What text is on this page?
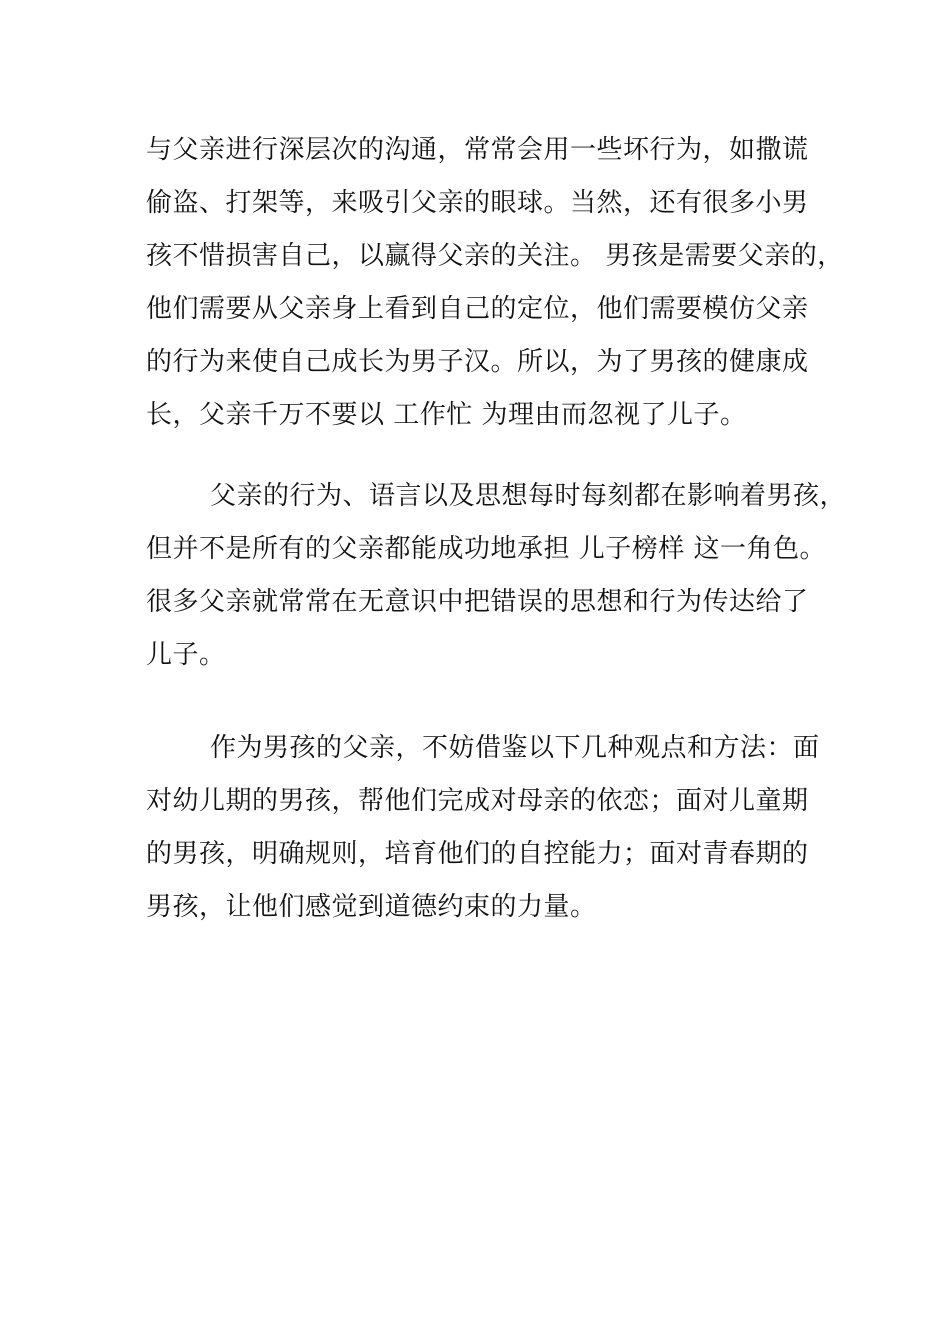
与父亲进行深层次的沟通，常常会用一些坏行为，如撒谎
偷盗、打架等，来吸引父亲的眼球。当然，还有很多小男
孩不惜损害自己，以赢得父亲的关注。 男孩是需要父亲的，
他们需要从父亲身上看到自己的定位，他们需要模仿父亲
的行为来使自己成长为男子汉。所以，为了男孩的健康成
长，父亲千万不要以 工作忙 为理由而忽视了儿子。
父亲的行为、语言以及思想每时每刻都在影响着男孩，
但并不是所有的父亲都能成功地承担 儿子榜样 这一角色。
很多父亲就常常在无意识中把错误的思想和行为传达给了
儿子。
作为男孩的父亲，不妨借鉴以下几种观点和方法：面
对幼儿期的男孩，帮他们完成对母亲的依恋；面对儿童期
的男孩，明确规则，培育他们的自控能力；面对青春期的
男孩，让他们感觉到道德约束的力量。
